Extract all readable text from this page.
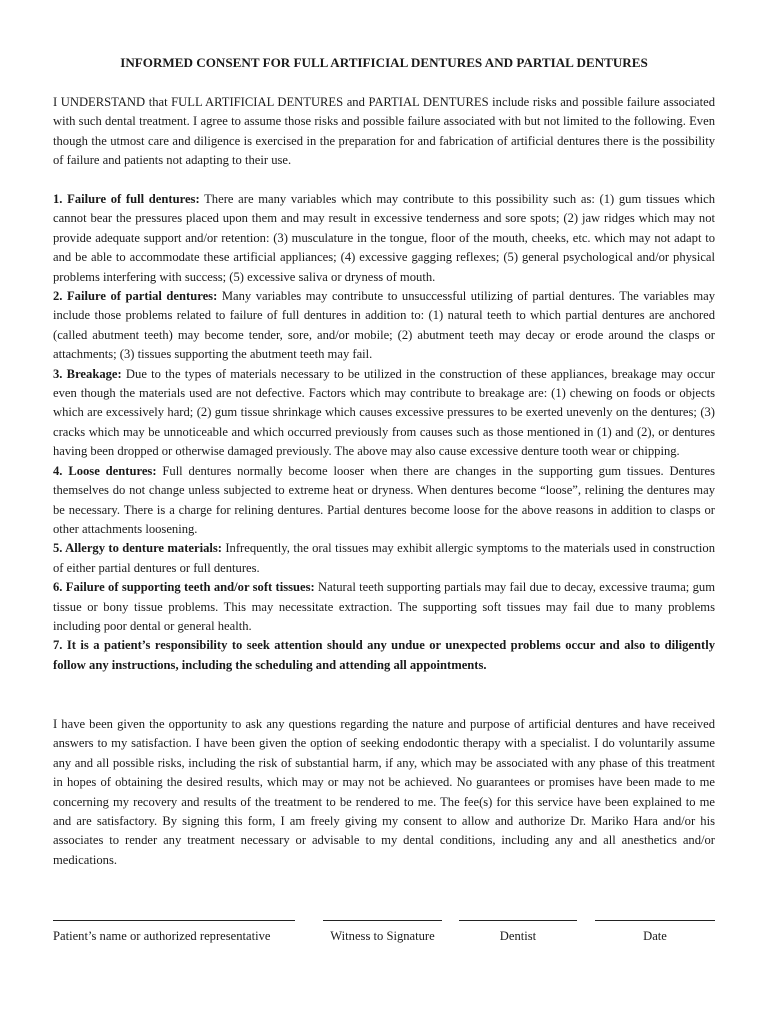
INFORMED CONSENT FOR FULL ARTIFICIAL DENTURES AND PARTIAL DENTURES

I UNDERSTAND that FULL ARTIFICIAL DENTURES and PARTIAL DENTURES include risks and possible failure associated with such dental treatment. I agree to assume those risks and possible failure associated with but not limited to the following. Even though the utmost care and diligence is exercised in the preparation for and fabrication of artificial dentures there is the possibility of failure and patients not adapting to their use.

1. Failure of full dentures: There are many variables which may contribute to this possibility such as: (1) gum tissues which cannot bear the pressures placed upon them and may result in excessive tenderness and sore spots; (2) jaw ridges which may not provide adequate support and/or retention: (3) musculature in the tongue, floor of the mouth, cheeks, etc. which may not adapt to and be able to accommodate these artificial appliances; (4) excessive gagging reflexes; (5) general psychological and/or physical problems interfering with success; (5) excessive saliva or dryness of mouth.

2. Failure of partial dentures: Many variables may contribute to unsuccessful utilizing of partial dentures. The variables may include those problems related to failure of full dentures in addition to: (1) natural teeth to which partial dentures are anchored (called abutment teeth) may become tender, sore, and/or mobile; (2) abutment teeth may decay or erode around the clasps or attachments; (3) tissues supporting the abutment teeth may fail.

3. Breakage: Due to the types of materials necessary to be utilized in the construction of these appliances, breakage may occur even though the materials used are not defective. Factors which may contribute to breakage are: (1) chewing on foods or objects which are excessively hard; (2) gum tissue shrinkage which causes excessive pressures to be exerted unevenly on the dentures; (3) cracks which may be unnoticeable and which occurred previously from causes such as those mentioned in (1) and (2), or dentures having been dropped or otherwise damaged previously. The above may also cause excessive denture tooth wear or chipping.

4. Loose dentures: Full dentures normally become looser when there are changes in the supporting gum tissues. Dentures themselves do not change unless subjected to extreme heat or dryness. When dentures become “loose”, relining the dentures may be necessary. There is a charge for relining dentures. Partial dentures become loose for the above reasons in addition to clasps or other attachments loosening.

5. Allergy to denture materials: Infrequently, the oral tissues may exhibit allergic symptoms to the materials used in construction of either partial dentures or full dentures.

6. Failure of supporting teeth and/or soft tissues: Natural teeth supporting partials may fail due to decay, excessive trauma; gum tissue or bony tissue problems. This may necessitate extraction. The supporting soft tissues may fail due to many problems including poor dental or general health.

7. It is a patient’s responsibility to seek attention should any undue or unexpected problems occur and also to diligently follow any instructions, including the scheduling and attending all appointments.

I have been given the opportunity to ask any questions regarding the nature and purpose of artificial dentures and have received answers to my satisfaction. I have been given the option of seeking endodontic therapy with a specialist. I do voluntarily assume any and all possible risks, including the risk of substantial harm, if any, which may be associated with any phase of this treatment in hopes of obtaining the desired results, which may or may not be achieved. No guarantees or promises have been made to me concerning my recovery and results of the treatment to be rendered to me. The fee(s) for this service have been explained to me and are satisfactory. By signing this form, I am freely giving my consent to allow and authorize Dr. Mariko Hara and/or his associates to render any treatment necessary or advisable to my dental conditions, including any and all anesthetics and/or medications.

Patient’s name or authorized representative	Witness to Signature	Dentist	Date
